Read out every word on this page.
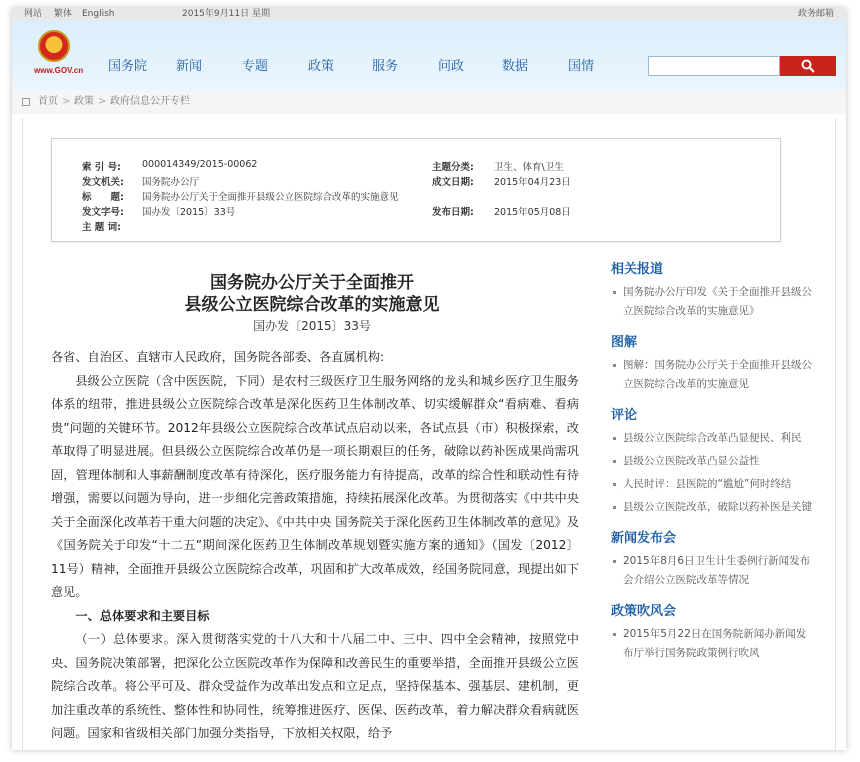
网站 繁体 English	2015年9月11日 星期	政务邮箱
www.GOV.cn 国务院 新闻	专题	政策	服务	问政	数据	国情
首页 > 政策 > 政府信息公开专栏
索 引 号: 000014349/2015-00062	主题分类: 卫生、体育\卫生
发文机关: 国务院办公厅	成文日期: 2015年04月23日
标　　题: 国务院办公厅关于全面推开县级公立医院综合改革的实施意见
发文字号: 国办发〔2015〕33号	发布日期: 2015年05月08日
主 题 词:
国务院办公厅关于全面推开
县级公立医院综合改革的实施意见
国办发〔2015〕33号

各省、自治区、直辖市人民政府，国务院各部委、各直属机构:

县级公立医院（含中医医院，下同）是农村三级医疗卫生服务网络的龙头和城乡医疗卫生服务体系的纽带，推进县级公立医院综合改革是深化医药卫生体制改革、切实缓解群众“看病难、看病贵”问题的关键环节。2012年县级公立医院综合改革试点启动以来，各试点县（市）积极探索，改革取得了明显进展。但县级公立医院综合改革仍是一项长期艰巨的任务，破除以药补医成果尚需巩固，管理体制和人事薪酬制度改革有待深化，医疗服务能力有待提高，改革的综合性和联动性有待增强，需要以问题为导向，进一步细化完善政策措施，持续拓展深化改革。为贯彻落实《中共中央关于全面深化改革若干重大问题的决定》、《中共中央 国务院关于深化医药卫生体制改革的意见》及《国务院关于印发“十二五”期间深化医药卫生体制改革规划暨实施方案的通知》（国发〔2012〕11号）精神，全面推开县级公立医院综合改革，巩固和扩大改革成效，经国务院同意，现提出如下意见。

一、总体要求和主要目标

（一）总体要求。深入贯彻落实党的十八大和十八届二中、三中、四中全会精神，按照党中央、国务院决策部署，把深化公立医院改革作为保障和改善民生的重要举措，全面推开县级公立医院综合改革。将公平可及、群众受益作为改革出发点和立足点，坚持保基本、强基层、建机制，更加注重改革的系统性、整体性和协同性，统筹推进医疗、医保、医药改革，着力解决群众看病就医问题。国家和省级相关部门加强分类指导，下放相关权限，给予

相关报道
国务院办公厅印发《关于全面推开县级公立医院综合改革的实施意见》
图解
图解：国务院办公厅关于全面推开县级公立医院综合改革的实施意见
评论
县级公立医院综合改革凸显便民、利民
县级公立医院改革凸显公益性
人民时评：县医院的“尴尬”何时终结
县级公立医院改革，破除以药补医是关键
新闻发布会
2015年8月6日卫生计生委例行新闻发布会介绍公立医院改革等情况
政策吹风会
2015年5月22日在国务院新闻办新闻发布厅举行国务院政策例行吹风
